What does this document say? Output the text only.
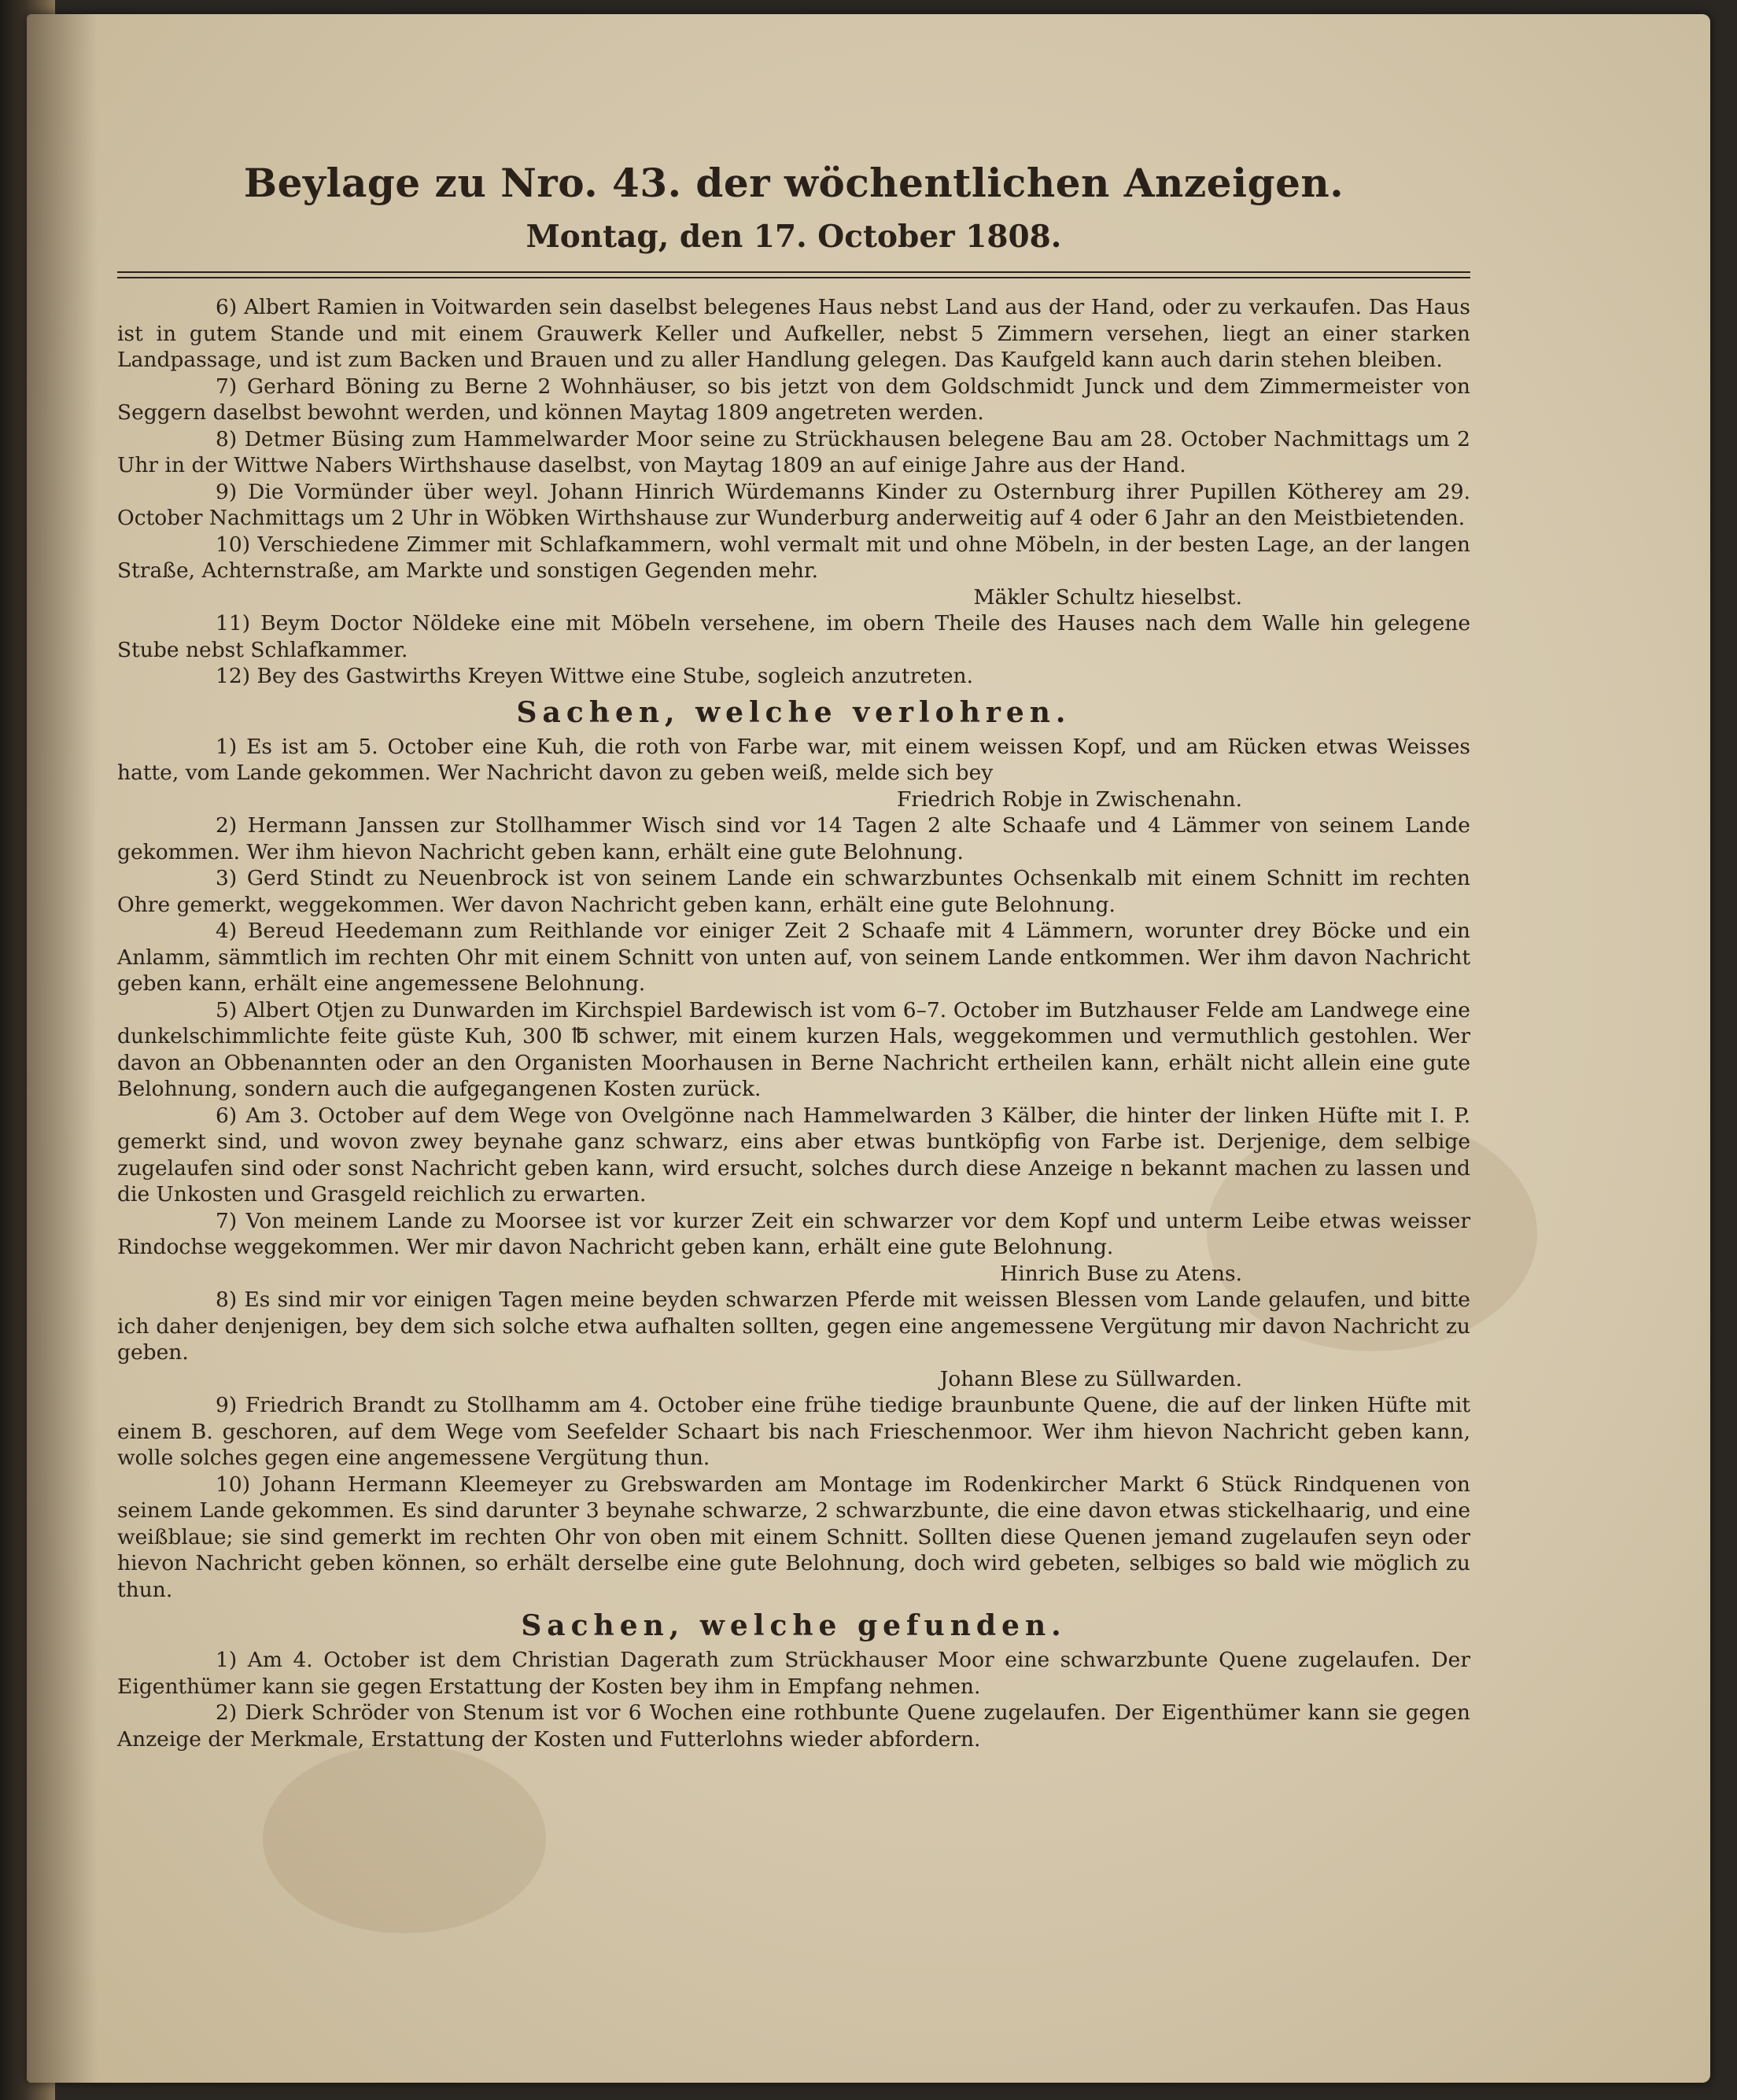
Beylage zu Nro. 43. der wöchentlichen Anzeigen.

Montag, den 17. October 1808.

6) Albert Ramien in Voitwarden sein daselbst belegenes Haus nebst Land aus der Hand, oder zu verkaufen. Das Haus ist in gutem Stande und mit einem Grauwerk Keller und Aufkeller, nebst 5 Zimmern versehen, liegt an einer starken Landpassage, und ist zum Backen und Brauen und zu aller Handlung gelegen. Das Kaufgeld kann auch darin stehen bleiben.

7) Gerhard Böning zu Berne 2 Wohnhäuser, so bis jetzt von dem Goldschmidt Junck und dem Zimmermeister von Seggern daselbst bewohnt werden, und können Maytag 1809 angetreten werden.

8) Detmer Büsing zum Hammelwarder Moor seine zu Strückhausen belegene Bau am 28. October Nachmittags um 2 Uhr in der Wittwe Nabers Wirthshause daselbst, von Maytag 1809 an auf einige Jahre aus der Hand.

9) Die Vormünder über weyl. Johann Hinrich Würdemanns Kinder zu Osternburg ihrer Pupillen Kötherey am 29. October Nachmittags um 2 Uhr in Wöbken Wirthshause zur Wunderburg anderweitig auf 4 oder 6 Jahr an den Meistbietenden.

10) Verschiedene Zimmer mit Schlafkammern, wohl vermalt mit und ohne Möbeln, in der besten Lage, an der langen Straße, Achternstraße, am Markte und sonstigen Gegenden mehr.

Mäkler Schultz hieselbst.

11) Beym Doctor Nöldeke eine mit Möbeln versehene, im obern Theile des Hauses nach dem Walle hin gelegene Stube nebst Schlafkammer.

12) Bey des Gastwirths Kreyen Wittwe eine Stube, sogleich anzutreten.

Sachen, welche verlohren.

1) Es ist am 5. October eine Kuh, die roth von Farbe war, mit einem weissen Kopf, und am Rücken etwas Weisses hatte, vom Lande gekommen. Wer Nachricht davon zu geben weiß, melde sich bey

Friedrich Robje in Zwischenahn.

2) Hermann Janssen zur Stollhammer Wisch sind vor 14 Tagen 2 alte Schaafe und 4 Lämmer von seinem Lande gekommen. Wer ihm hievon Nachricht geben kann, erhält eine gute Belohnung.

3) Gerd Stindt zu Neuenbrock ist von seinem Lande ein schwarzbuntes Ochsenkalb mit einem Schnitt im rechten Ohre gemerkt, weggekommen. Wer davon Nachricht geben kann, erhält eine gute Belohnung.

4) Bereud Heedemann zum Reithlande vor einiger Zeit 2 Schaafe mit 4 Lämmern, worunter drey Böcke und ein Anlamm, sämmtlich im rechten Ohr mit einem Schnitt von unten auf, von seinem Lande entkommen. Wer ihm davon Nachricht geben kann, erhält eine angemessene Belohnung.

5) Albert Otjen zu Dunwarden im Kirchspiel Bardewisch ist vom 6–7. October im Butzhauser Felde am Landwege eine dunkelschimmlichte feite güste Kuh, 300 ℔ schwer, mit einem kurzen Hals, weggekommen und vermuthlich gestohlen. Wer davon an Obbenannten oder an den Organisten Moorhausen in Berne Nachricht ertheilen kann, erhält nicht allein eine gute Belohnung, sondern auch die aufgegangenen Kosten zurück.

6) Am 3. October auf dem Wege von Ovelgönne nach Hammelwarden 3 Kälber, die hinter der linken Hüfte mit I. P. gemerkt sind, und wovon zwey beynahe ganz schwarz, eins aber etwas buntköpfig von Farbe ist. Derjenige, dem selbige zugelaufen sind oder sonst Nachricht geben kann, wird ersucht, solches durch diese Anzeige n bekannt machen zu lassen und die Unkosten und Grasgeld reichlich zu erwarten.

7) Von meinem Lande zu Moorsee ist vor kurzer Zeit ein schwarzer vor dem Kopf und unterm Leibe etwas weisser Rindochse weggekommen. Wer mir davon Nachricht geben kann, erhält eine gute Belohnung.

Hinrich Buse zu Atens.

8) Es sind mir vor einigen Tagen meine beyden schwarzen Pferde mit weissen Blessen vom Lande gelaufen, und bitte ich daher denjenigen, bey dem sich solche etwa aufhalten sollten, gegen eine angemessene Vergütung mir davon Nachricht zu geben.

Johann Blese zu Süllwarden.

9) Friedrich Brandt zu Stollhamm am 4. October eine frühe tiedige braunbunte Quene, die auf der linken Hüfte mit einem B. geschoren, auf dem Wege vom Seefelder Schaart bis nach Frieschenmoor. Wer ihm hievon Nachricht geben kann, wolle solches gegen eine angemessene Vergütung thun.

10) Johann Hermann Kleemeyer zu Grebswarden am Montage im Rodenkircher Markt 6 Stück Rindquenen von seinem Lande gekommen. Es sind darunter 3 beynahe schwarze, 2 schwarzbunte, die eine davon etwas stickelhaarig, und eine weißblaue; sie sind gemerkt im rechten Ohr von oben mit einem Schnitt. Sollten diese Quenen jemand zugelaufen seyn oder hievon Nachricht geben können, so erhält derselbe eine gute Belohnung, doch wird gebeten, selbiges so bald wie möglich zu thun.

Sachen, welche gefunden.

1) Am 4. October ist dem Christian Dagerath zum Strückhauser Moor eine schwarzbunte Quene zugelaufen. Der Eigenthümer kann sie gegen Erstattung der Kosten bey ihm in Empfang nehmen.

2) Dierk Schröder von Stenum ist vor 6 Wochen eine rothbunte Quene zugelaufen. Der Eigenthümer kann sie gegen Anzeige der Merkmale, Erstattung der Kosten und Futterlohns wieder abfordern.
